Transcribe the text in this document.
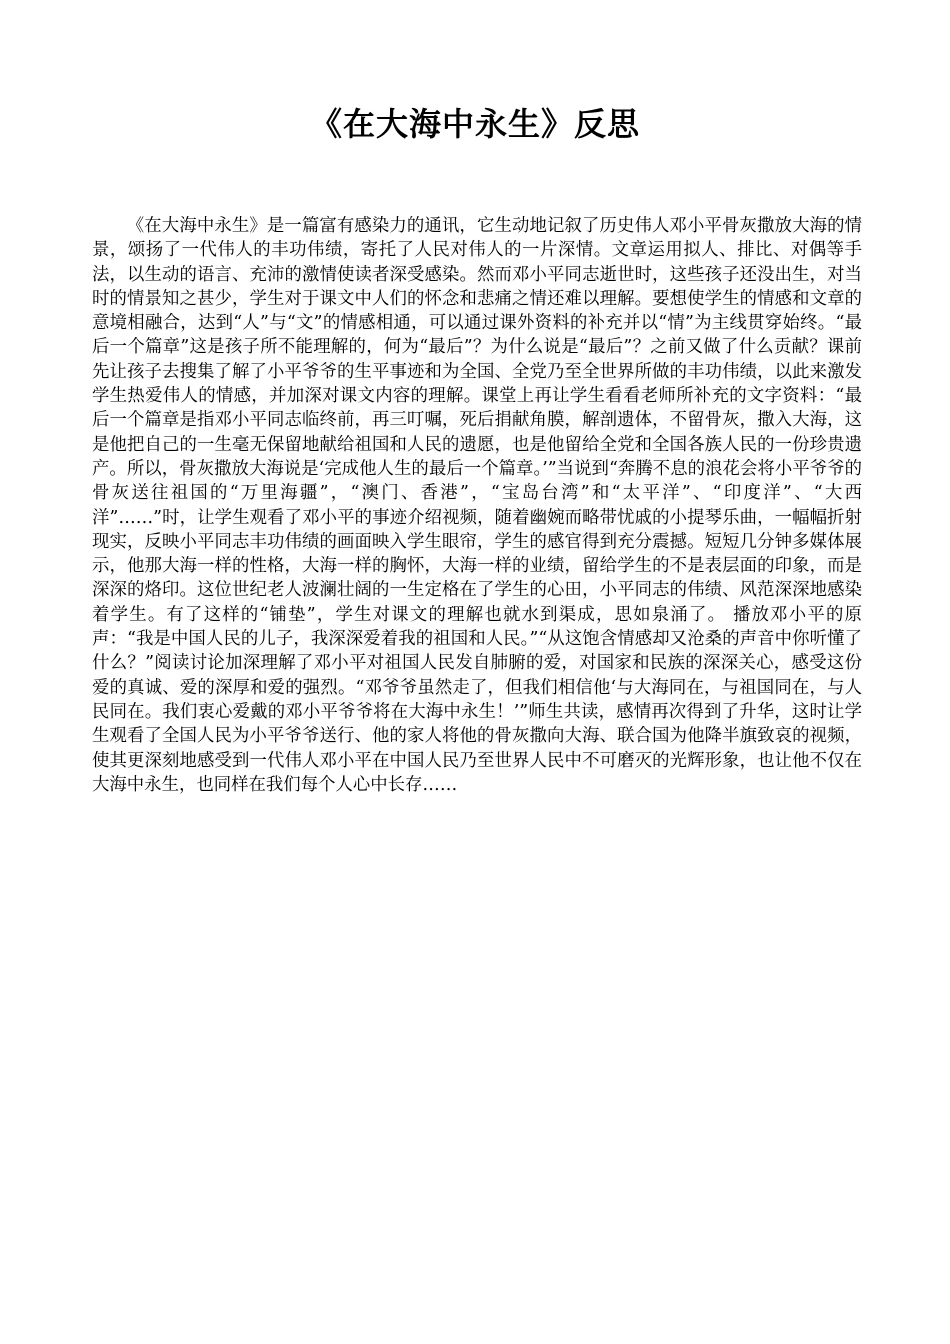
《在大海中永生》反思

《在大海中永生》是一篇富有感染力的通讯，它生动地记叙了历史伟人邓小平骨灰撒放大海的情景，颂扬了一代伟人的丰功伟绩，寄托了人民对伟人的一片深情。文章运用拟人、排比、对偶等手法，以生动的语言、充沛的激情使读者深受感染。然而邓小平同志逝世时，这些孩子还没出生，对当时的情景知之甚少，学生对于课文中人们的怀念和悲痛之情还难以理解。要想使学生的情感和文章的意境相融合，达到“人”与“文”的情感相通，可以通过课外资料的补充并以“情”为主线贯穿始终。“最后一个篇章”这是孩子所不能理解的，何为“最后”？为什么说是“最后”？之前又做了什么贡献？课前先让孩子去搜集了解了小平爷爷的生平事迹和为全国、全党乃至全世界所做的丰功伟绩，以此来激发学生热爱伟人的情感，并加深对课文内容的理解。课堂上再让学生看看老师所补充的文字资料：“最后一个篇章是指邓小平同志临终前，再三叮嘱，死后捐献角膜，解剖遗体，不留骨灰，撒入大海，这是他把自己的一生毫无保留地献给祖国和人民的遗愿，也是他留给全党和全国各族人民的一份珍贵遗产。所以，骨灰撒放大海说是‘完成他人生的最后一个篇章。’”当说到“奔腾不息的浪花会将小平爷爷的骨灰送往祖国的“万里海疆”，“澳门、香港”，“宝岛台湾”和“太平洋”、“印度洋”、“大西洋”……”时，让学生观看了邓小平的事迹介绍视频，随着幽婉而略带忧戚的小提琴乐曲，一幅幅折射现实，反映小平同志丰功伟绩的画面映入学生眼帘，学生的感官得到充分震撼。短短几分钟多媒体展示，他那大海一样的性格，大海一样的胸怀，大海一样的业绩，留给学生的不是表层面的印象，而是深深的烙印。这位世纪老人波澜壮阔的一生定格在了学生的心田，小平同志的伟绩、风范深深地感染着学生。有了这样的“铺垫”，学生对课文的理解也就水到渠成，思如泉涌了。 播放邓小平的原声：“我是中国人民的儿子，我深深爱着我的祖国和人民。”“从这饱含情感却又沧桑的声音中你听懂了什么？”阅读讨论加深理解了邓小平对祖国人民发自肺腑的爱，对国家和民族的深深关心，感受这份爱的真诚、爱的深厚和爱的强烈。“邓爷爷虽然走了，但我们相信他‘与大海同在，与祖国同在，与人民同在。我们衷心爱戴的邓小平爷爷将在大海中永生！’”师生共读，感情再次得到了升华，这时让学生观看了全国人民为小平爷爷送行、他的家人将他的骨灰撒向大海、联合国为他降半旗致哀的视频，使其更深刻地感受到一代伟人邓小平在中国人民乃至世界人民中不可磨灭的光辉形象，也让他不仅在大海中永生，也同样在我们每个人心中长存……
